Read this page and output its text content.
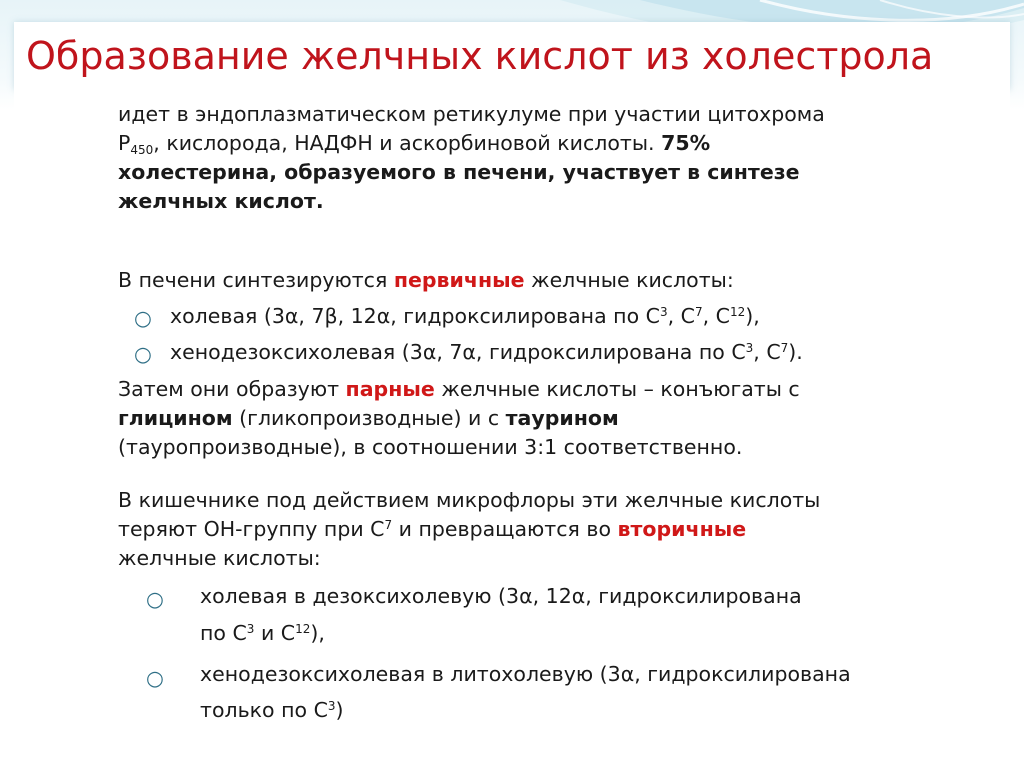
Образование желчных кислот из холестрола

идет в эндоплазматическом ретикулуме при участии цитохрома

$Р_{450}$, кислорода, НАДФН и аскорбиновой кислоты. 75%

холестерина, образуемого в печени, участвует в синтезе

желчных кислот.

В печени синтезируются первичные желчные кислоты:

○ холевая (3α, 7β, 12α, гидроксилирована по $С^3$, $С^7$, $С^{12}$),

○ хенодезоксихолевая (3α, 7α, гидроксилирована по $С^3$, $С^7$).

Затем они образуют парные желчные кислоты – конъюгаты с

глицином (гликопроизводные) и с таурином

(тауропроизводные), в соотношении 3:1 соответственно.

В кишечнике под действием микрофлоры эти желчные кислоты

теряют ОН-группу при $С^7$ и превращаются во вторичные

желчные кислоты:

○ холевая в дезоксихолевую (3α, 12α, гидроксилирована

по $С^3$ и $С^{12}$),

○ хенодезоксихолевая в литохолевую (3α, гидроксилирована

только по $С^3$)
